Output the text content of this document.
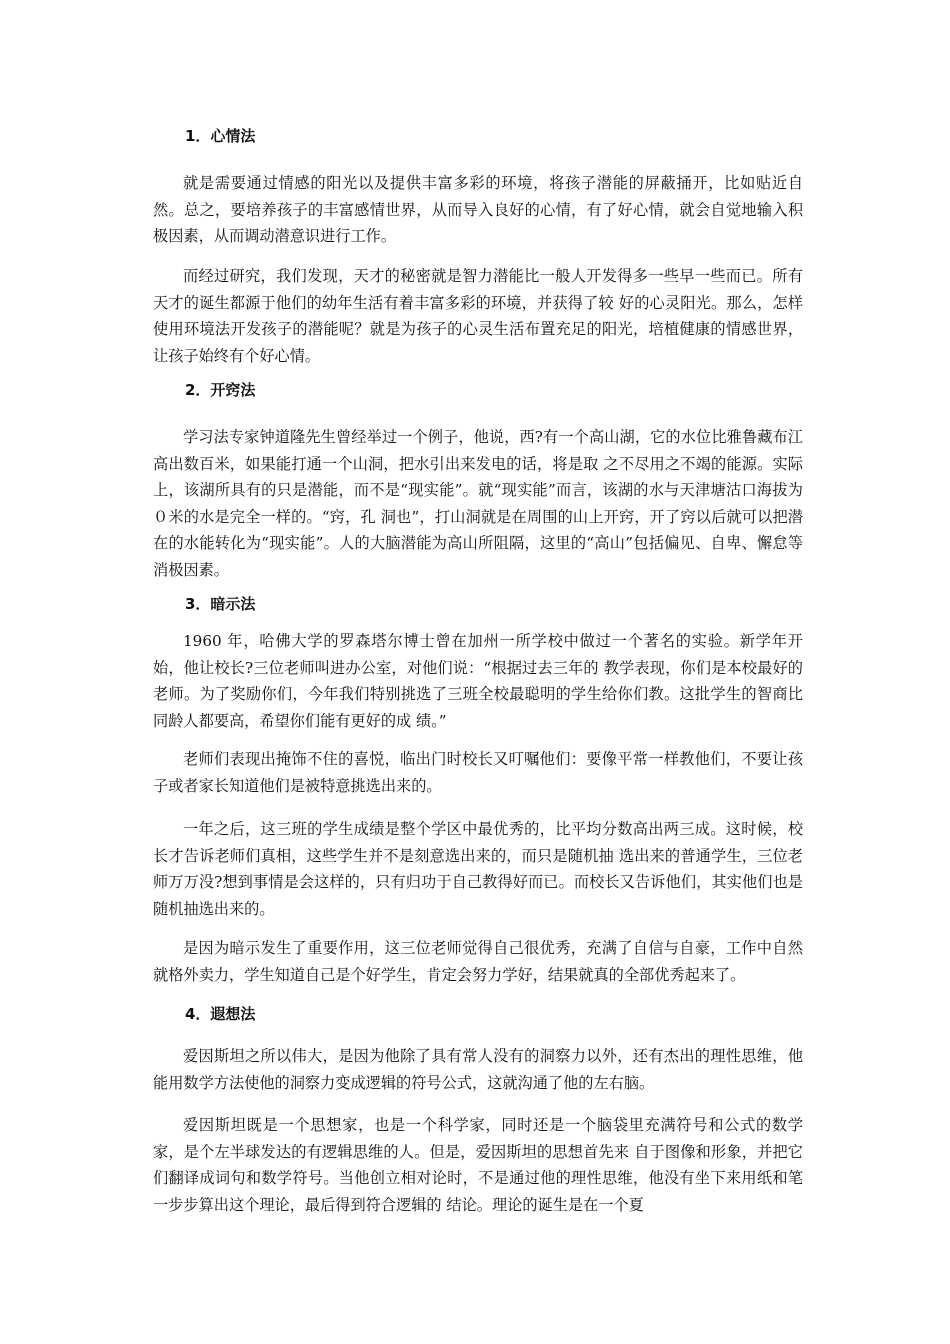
1．心情法

就是需要通过情感的阳光以及提供丰富多彩的环境，将孩子潜能的屏蔽捅开，比如贴近自然。总之，要培养孩子的丰富感情世界，从而导入良好的心情，有了好心情，就会自觉地输入积极因素，从而调动潜意识进行工作。

而经过研究，我们发现，天才的秘密就是智力潜能比一般人开发得多一些早一些而已。所有天才的诞生都源于他们的幼年生活有着丰富多彩的环境，并获得了较 好的心灵阳光。那么，怎样使用环境法开发孩子的潜能呢？就是为孩子的心灵生活布置充足的阳光，培植健康的情感世界，让孩子始终有个好心情。

2．开窍法

学习法专家钟道隆先生曾经举过一个例子，他说，西?有一个高山湖，它的水位比雅鲁藏布江高出数百米，如果能打通一个山洞，把水引出来发电的话，将是取 之不尽用之不竭的能源。实际上，该湖所具有的只是潜能，而不是“现实能”。就“现实能”而言，该湖的水与天津塘沽口海拔为０米的水是完全一样的。“窍，孔 洞也”，打山洞就是在周围的山上开窍，开了窍以后就可以把潜在的水能转化为“现实能”。人的大脑潜能为高山所阻隔，这里的“高山”包括偏见、自卑、懈怠等 消极因素。

3．暗示法

1960 年，哈佛大学的罗森塔尔博士曾在加州一所学校中做过一个著名的实验。新学年开始，他让校长?三位老师叫进办公室，对他们说：“根据过去三年的 教学表现，你们是本校最好的老师。为了奖励你们，今年我们特别挑选了三班全校最聪明的学生给你们教。这批学生的智商比同龄人都要高，希望你们能有更好的成 绩。”

老师们表现出掩饰不住的喜悦，临出门时校长又叮嘱他们：要像平常一样教他们，不要让孩子或者家长知道他们是被特意挑选出来的。

一年之后，这三班的学生成绩是整个学区中最优秀的，比平均分数高出两三成。这时候，校长才告诉老师们真相，这些学生并不是刻意选出来的，而只是随机抽 选出来的普通学生，三位老师万万没?想到事情是会这样的，只有归功于自己教得好而已。而校长又告诉他们，其实他们也是随机抽选出来的。

是因为暗示发生了重要作用，这三位老师觉得自己很优秀，充满了自信与自豪，工作中自然就格外卖力，学生知道自己是个好学生，肯定会努力学好，结果就真的全部优秀起来了。

4．遐想法

爱因斯坦之所以伟大，是因为他除了具有常人没有的洞察力以外，还有杰出的理性思维，他能用数学方法使他的洞察力变成逻辑的符号公式，这就沟通了他的左右脑。

爱因斯坦既是一个思想家，也是一个科学家，同时还是一个脑袋里充满符号和公式的数学家，是个左半球发达的有逻辑思维的人。但是，爱因斯坦的思想首先来 自于图像和形象，并把它们翻译成词句和数学符号。当他创立相对论时，不是通过他的理性思维，他没有坐下来用纸和笔一步步算出这个理论，最后得到符合逻辑的 结论。理论的诞生是在一个夏
